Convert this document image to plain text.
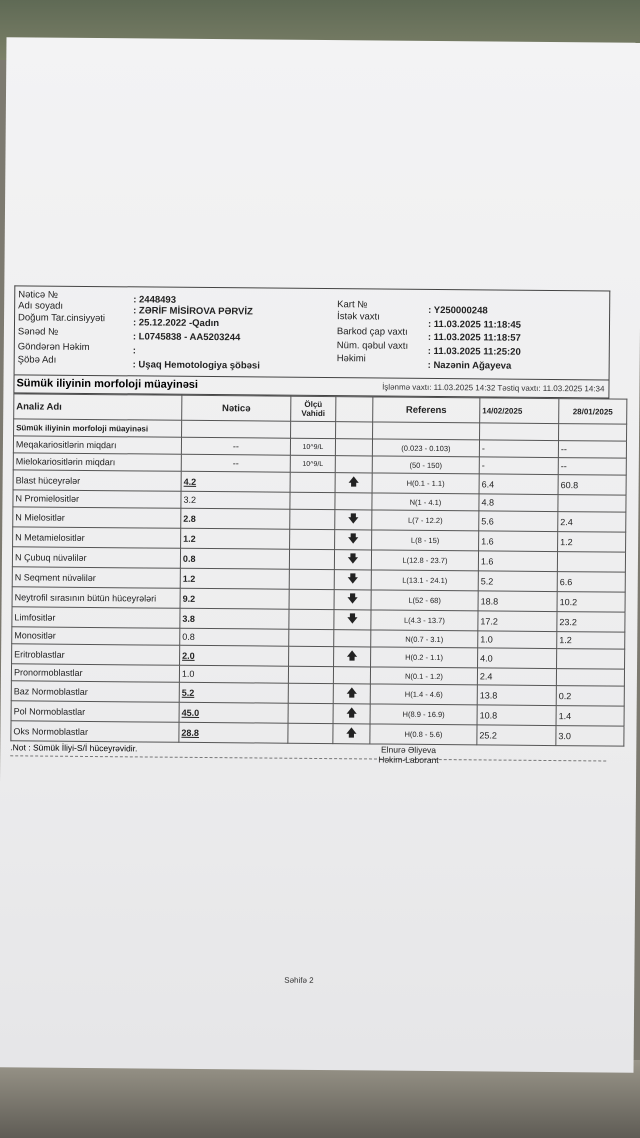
Nəticə №	: 2448493
Adı soyadı	: ZƏRİF MİSİROVA PƏRVİZ
Doğum Tar.cinsiyyəti	: 25.12.2022 -Qadın
Sənəd №	: L0745838 - AA5203244
Göndərən Həkim	:
Şöbə Adı	: Uşaq Hemotologiya şöbəsi
Kart №
: Y250000248
İstək vaxtı
: 11.03.2025 11:18:45
Barkod çap vaxtı : 11.03.2025 11:18:57
Nüm. qəbul vaxtı : 11.03.2025 11:25:20
Həkimi
: Nazənin Ağayeva
Sümük iliyinin morfoloji müayinəsi	İşlənmə vaxtı: 11.03.2025 14:32 Təstiq vaxtı: 11.03.2025 14:34
Analiz Adı	Nəticə	Ölçü Vahidi		Referens	14/02/2025	28/01/2025
Sümük iliyinin morfoloji müayinəsi						
Meqakariositlərin miqdarı	--	10^9/L		(0.023 - 0.103)	-	--
Mielokariositlərin miqdarı	--	10^9/L		(50 - 150)	-	--
Blast hüceyrələr	4.2		🡅	H(0.1 - 1.1)	6.4	60.8
N Promielositlər	3.2			N(1 - 4.1)	4.8	
N Mielositlər	2.8		🡇	L(7 - 12.2)	5.6	2.4
N Metamielositlər	1.2		🡇	L(8 - 15)	1.6	1.2
N Çubuq nüvəlilər	0.8		🡇	L(12.8 - 23.7)	1.6	
N Seqment nüvəlilər	1.2		🡇	L(13.1 - 24.1)	5.2	6.6
Neytrofil sırasının bütün hüceyrələri	9.2		🡇	L(52 - 68)	18.8	10.2
Limfositlər	3.8		🡇	L(4.3 - 13.7)	17.2	23.2
Monositlər	0.8			N(0.7 - 3.1)	1.0	1.2
Eritroblastlar	2.0		🡅	H(0.2 - 1.1)	4.0	
Pronormoblastlar	1.0			N(0.1 - 1.2)	2.4	
Baz Normoblastlar	5.2		🡅	H(1.4 - 4.6)	13.8	0.2
Pol Normoblastlar	45.0		🡅	H(8.9 - 16.9)	10.8	1.4
Oks Normoblastlar	28.8		🡅	H(0.8 - 5.6)	25.2	3.0
.Not : Sümük İliyi-S/İ hüceyrəvidir.	Elnurə Əliyeva
Həkim-Laborant
Səhifə 2
